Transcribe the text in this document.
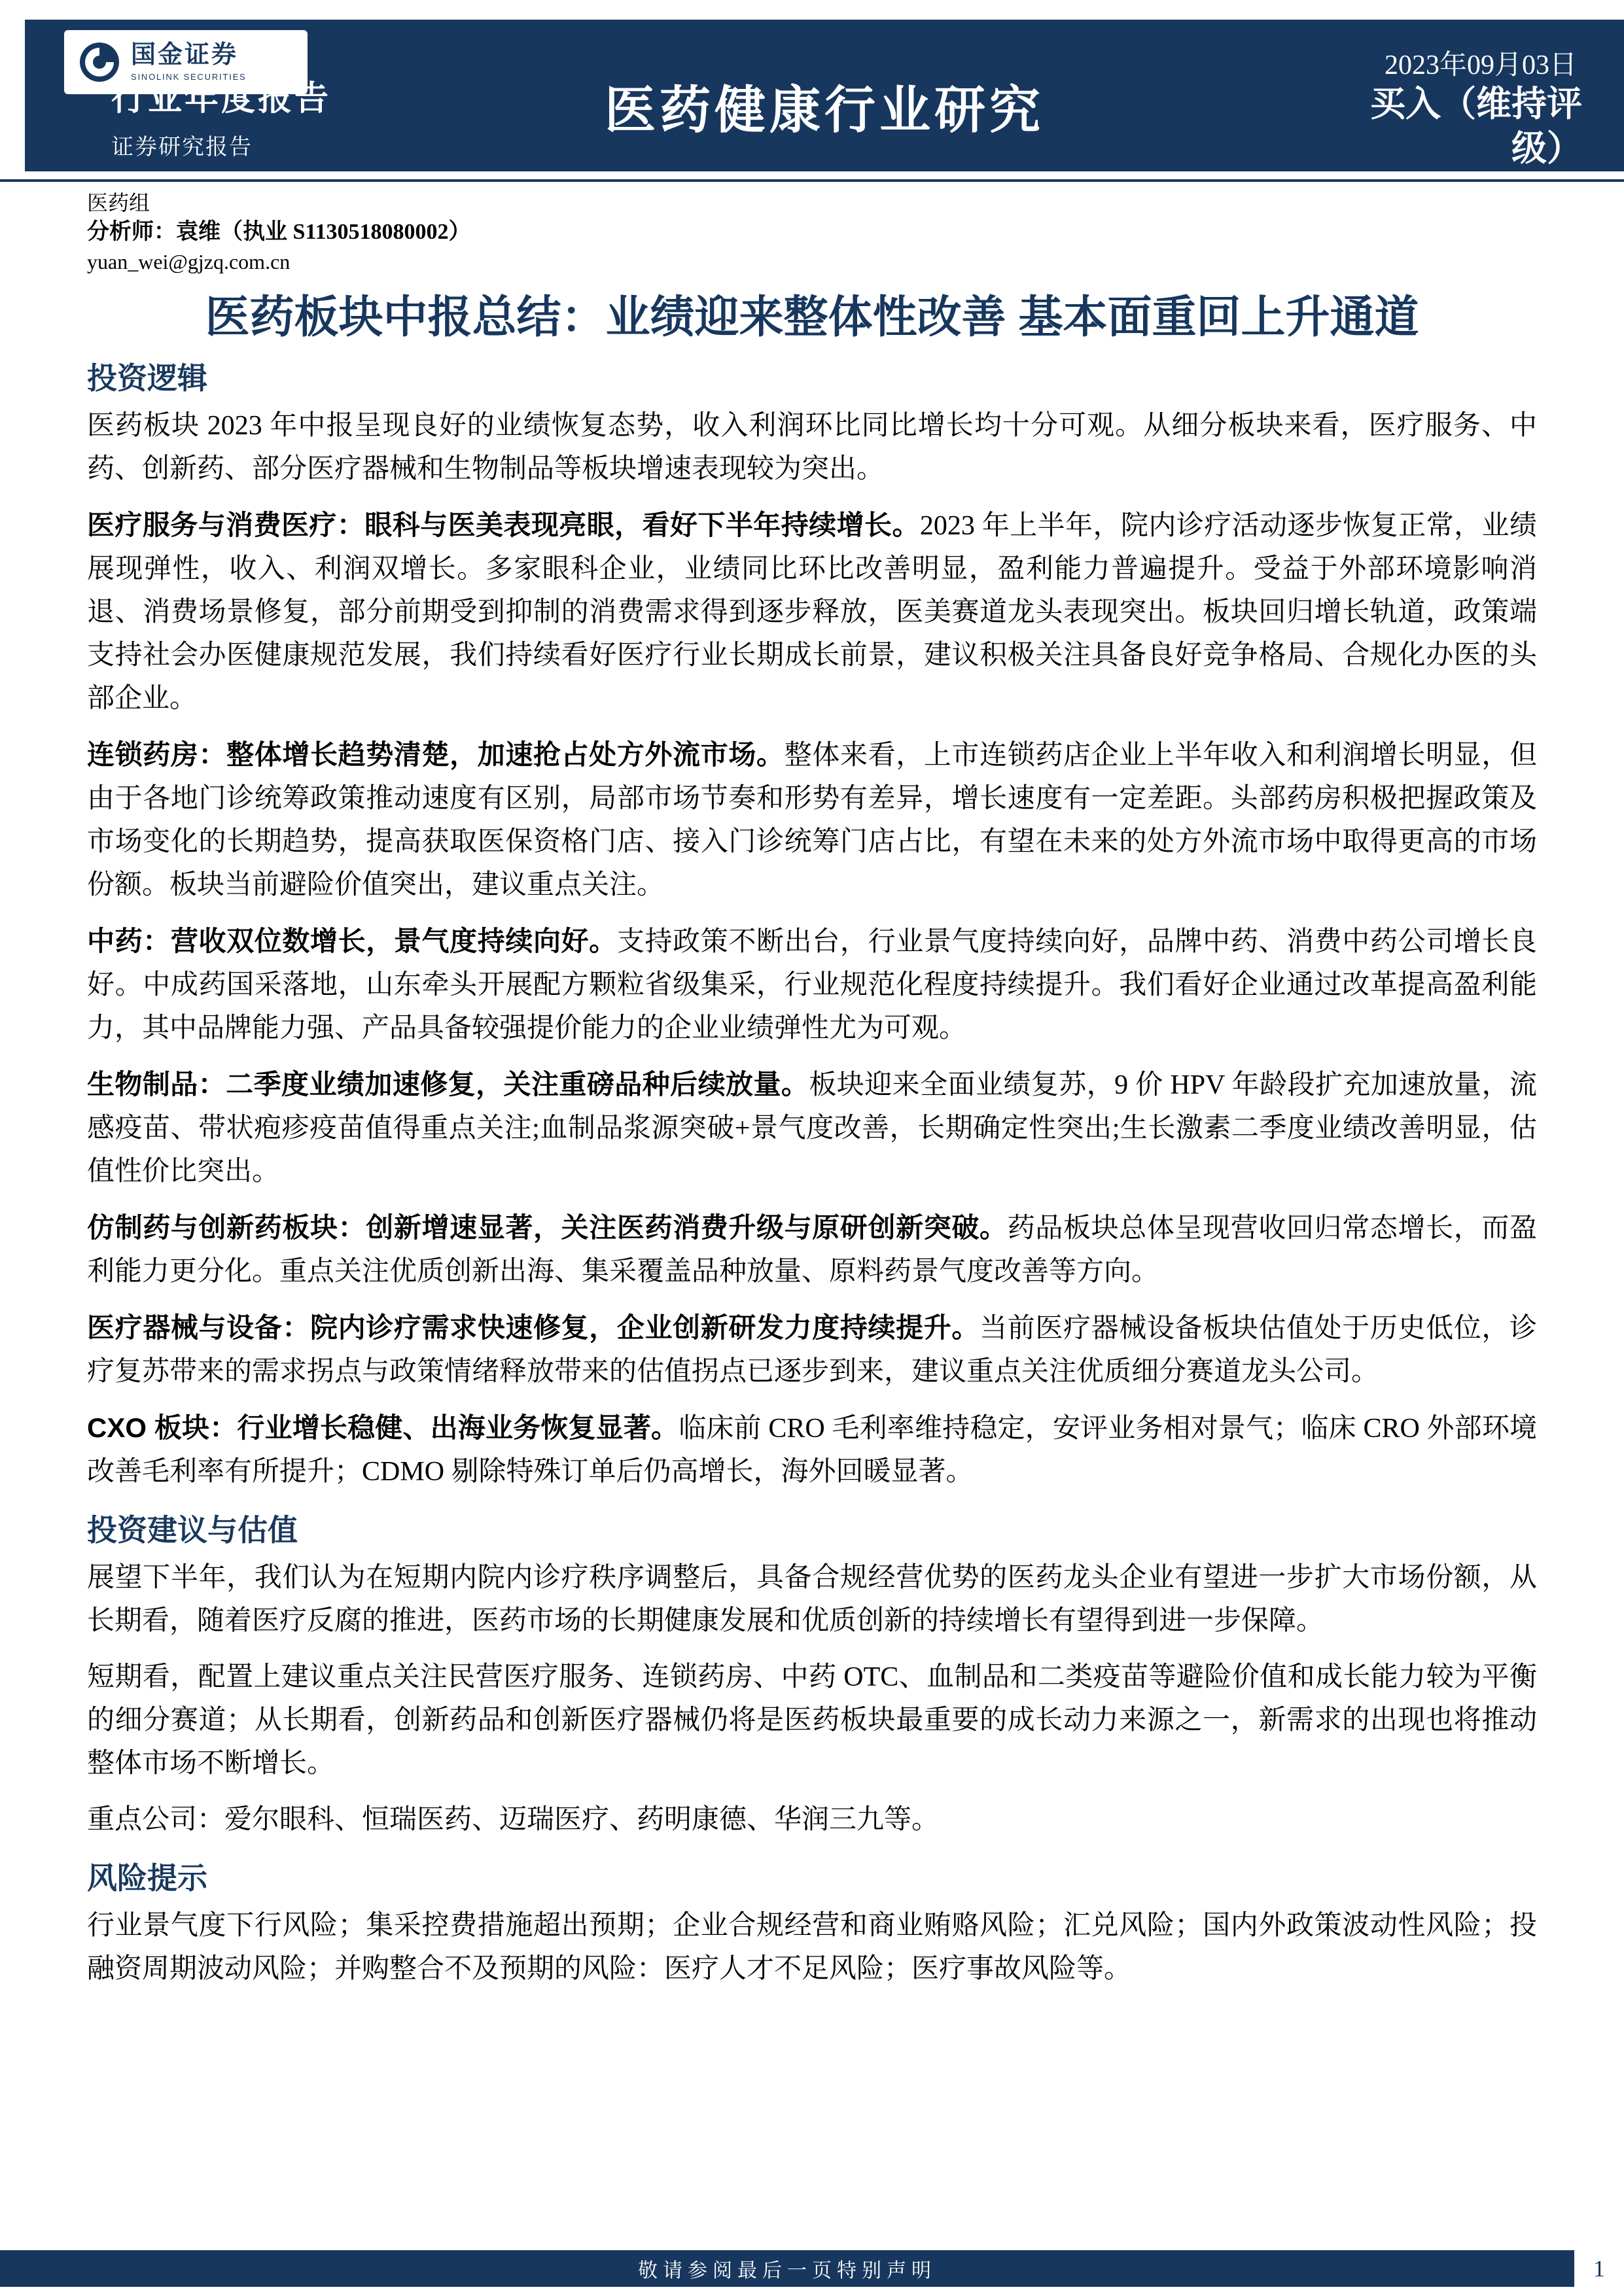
国金证券
SINOLINK SECURITIES	2023年09月03日
医药健康行业研究
行业年度报告
证券研究报告
买入（维持评级）
医药组
分析师：袁维（执业 S1130518080002）
yuan_wei@gjzq.com.cn
医药板块中报总结：业绩迎来整体性改善 基本面重回上升通道
投资逻辑

医药板块 2023 年中报呈现良好的业绩恢复态势，收入利润环比同比增长均十分可观。从细分板块来看，医疗服务、中药、创新药、部分医疗器械和生物制品等板块增速表现较为突出。

医疗服务与消费医疗：眼科与医美表现亮眼，看好下半年持续增长。2023 年上半年，院内诊疗活动逐步恢复正常，业绩展现弹性，收入、利润双增长。多家眼科企业，业绩同比环比改善明显，盈利能力普遍提升。受益于外部环境影响消退、消费场景修复，部分前期受到抑制的消费需求得到逐步释放，医美赛道龙头表现突出。板块回归增长轨道，政策端支持社会办医健康规范发展，我们持续看好医疗行业长期成长前景，建议积极关注具备良好竞争格局、合规化办医的头部企业。

连锁药房：整体增长趋势清楚，加速抢占处方外流市场。整体来看，上市连锁药店企业上半年收入和利润增长明显，但由于各地门诊统筹政策推动速度有区别，局部市场节奏和形势有差异，增长速度有一定差距。头部药房积极把握政策及市场变化的长期趋势，提高获取医保资格门店、接入门诊统筹门店占比，有望在未来的处方外流市场中取得更高的市场份额。板块当前避险价值突出，建议重点关注。

中药：营收双位数增长，景气度持续向好。支持政策不断出台，行业景气度持续向好，品牌中药、消费中药公司增长良好。中成药国采落地，山东牵头开展配方颗粒省级集采，行业规范化程度持续提升。我们看好企业通过改革提高盈利能力，其中品牌能力强、产品具备较强提价能力的企业业绩弹性尤为可观。

生物制品：二季度业绩加速修复，关注重磅品种后续放量。板块迎来全面业绩复苏，9 价 HPV 年龄段扩充加速放量，流感疫苗、带状疱疹疫苗值得重点关注;血制品浆源突破+景气度改善，长期确定性突出;生长激素二季度业绩改善明显，估值性价比突出。

仿制药与创新药板块：创新增速显著，关注医药消费升级与原研创新突破。药品板块总体呈现营收回归常态增长，而盈利能力更分化。重点关注优质创新出海、集采覆盖品种放量、原料药景气度改善等方向。

医疗器械与设备：院内诊疗需求快速修复，企业创新研发力度持续提升。当前医疗器械设备板块估值处于历史低位，诊疗复苏带来的需求拐点与政策情绪释放带来的估值拐点已逐步到来，建议重点关注优质细分赛道龙头公司。

CXO 板块：行业增长稳健、出海业务恢复显著。临床前 CRO 毛利率维持稳定，安评业务相对景气；临床 CRO 外部环境改善毛利率有所提升；CDMO 剔除特殊订单后仍高增长，海外回暖显著。

投资建议与估值

展望下半年，我们认为在短期内院内诊疗秩序调整后，具备合规经营优势的医药龙头企业有望进一步扩大市场份额，从长期看，随着医疗反腐的推进，医药市场的长期健康发展和优质创新的持续增长有望得到进一步保障。

短期看，配置上建议重点关注民营医疗服务、连锁药房、中药 OTC、血制品和二类疫苗等避险价值和成长能力较为平衡的细分赛道；从长期看，创新药品和创新医疗器械仍将是医药板块最重要的成长动力来源之一，新需求的出现也将推动整体市场不断增长。

重点公司：爱尔眼科、恒瑞医药、迈瑞医疗、药明康德、华润三九等。

风险提示

行业景气度下行风险；集采控费措施超出预期；企业合规经营和商业贿赂风险；汇兑风险；国内外政策波动性风险；投融资周期波动风险；并购整合不及预期的风险：医疗人才不足风险；医疗事故风险等。

敬请参阅最后一页特别声明	1
